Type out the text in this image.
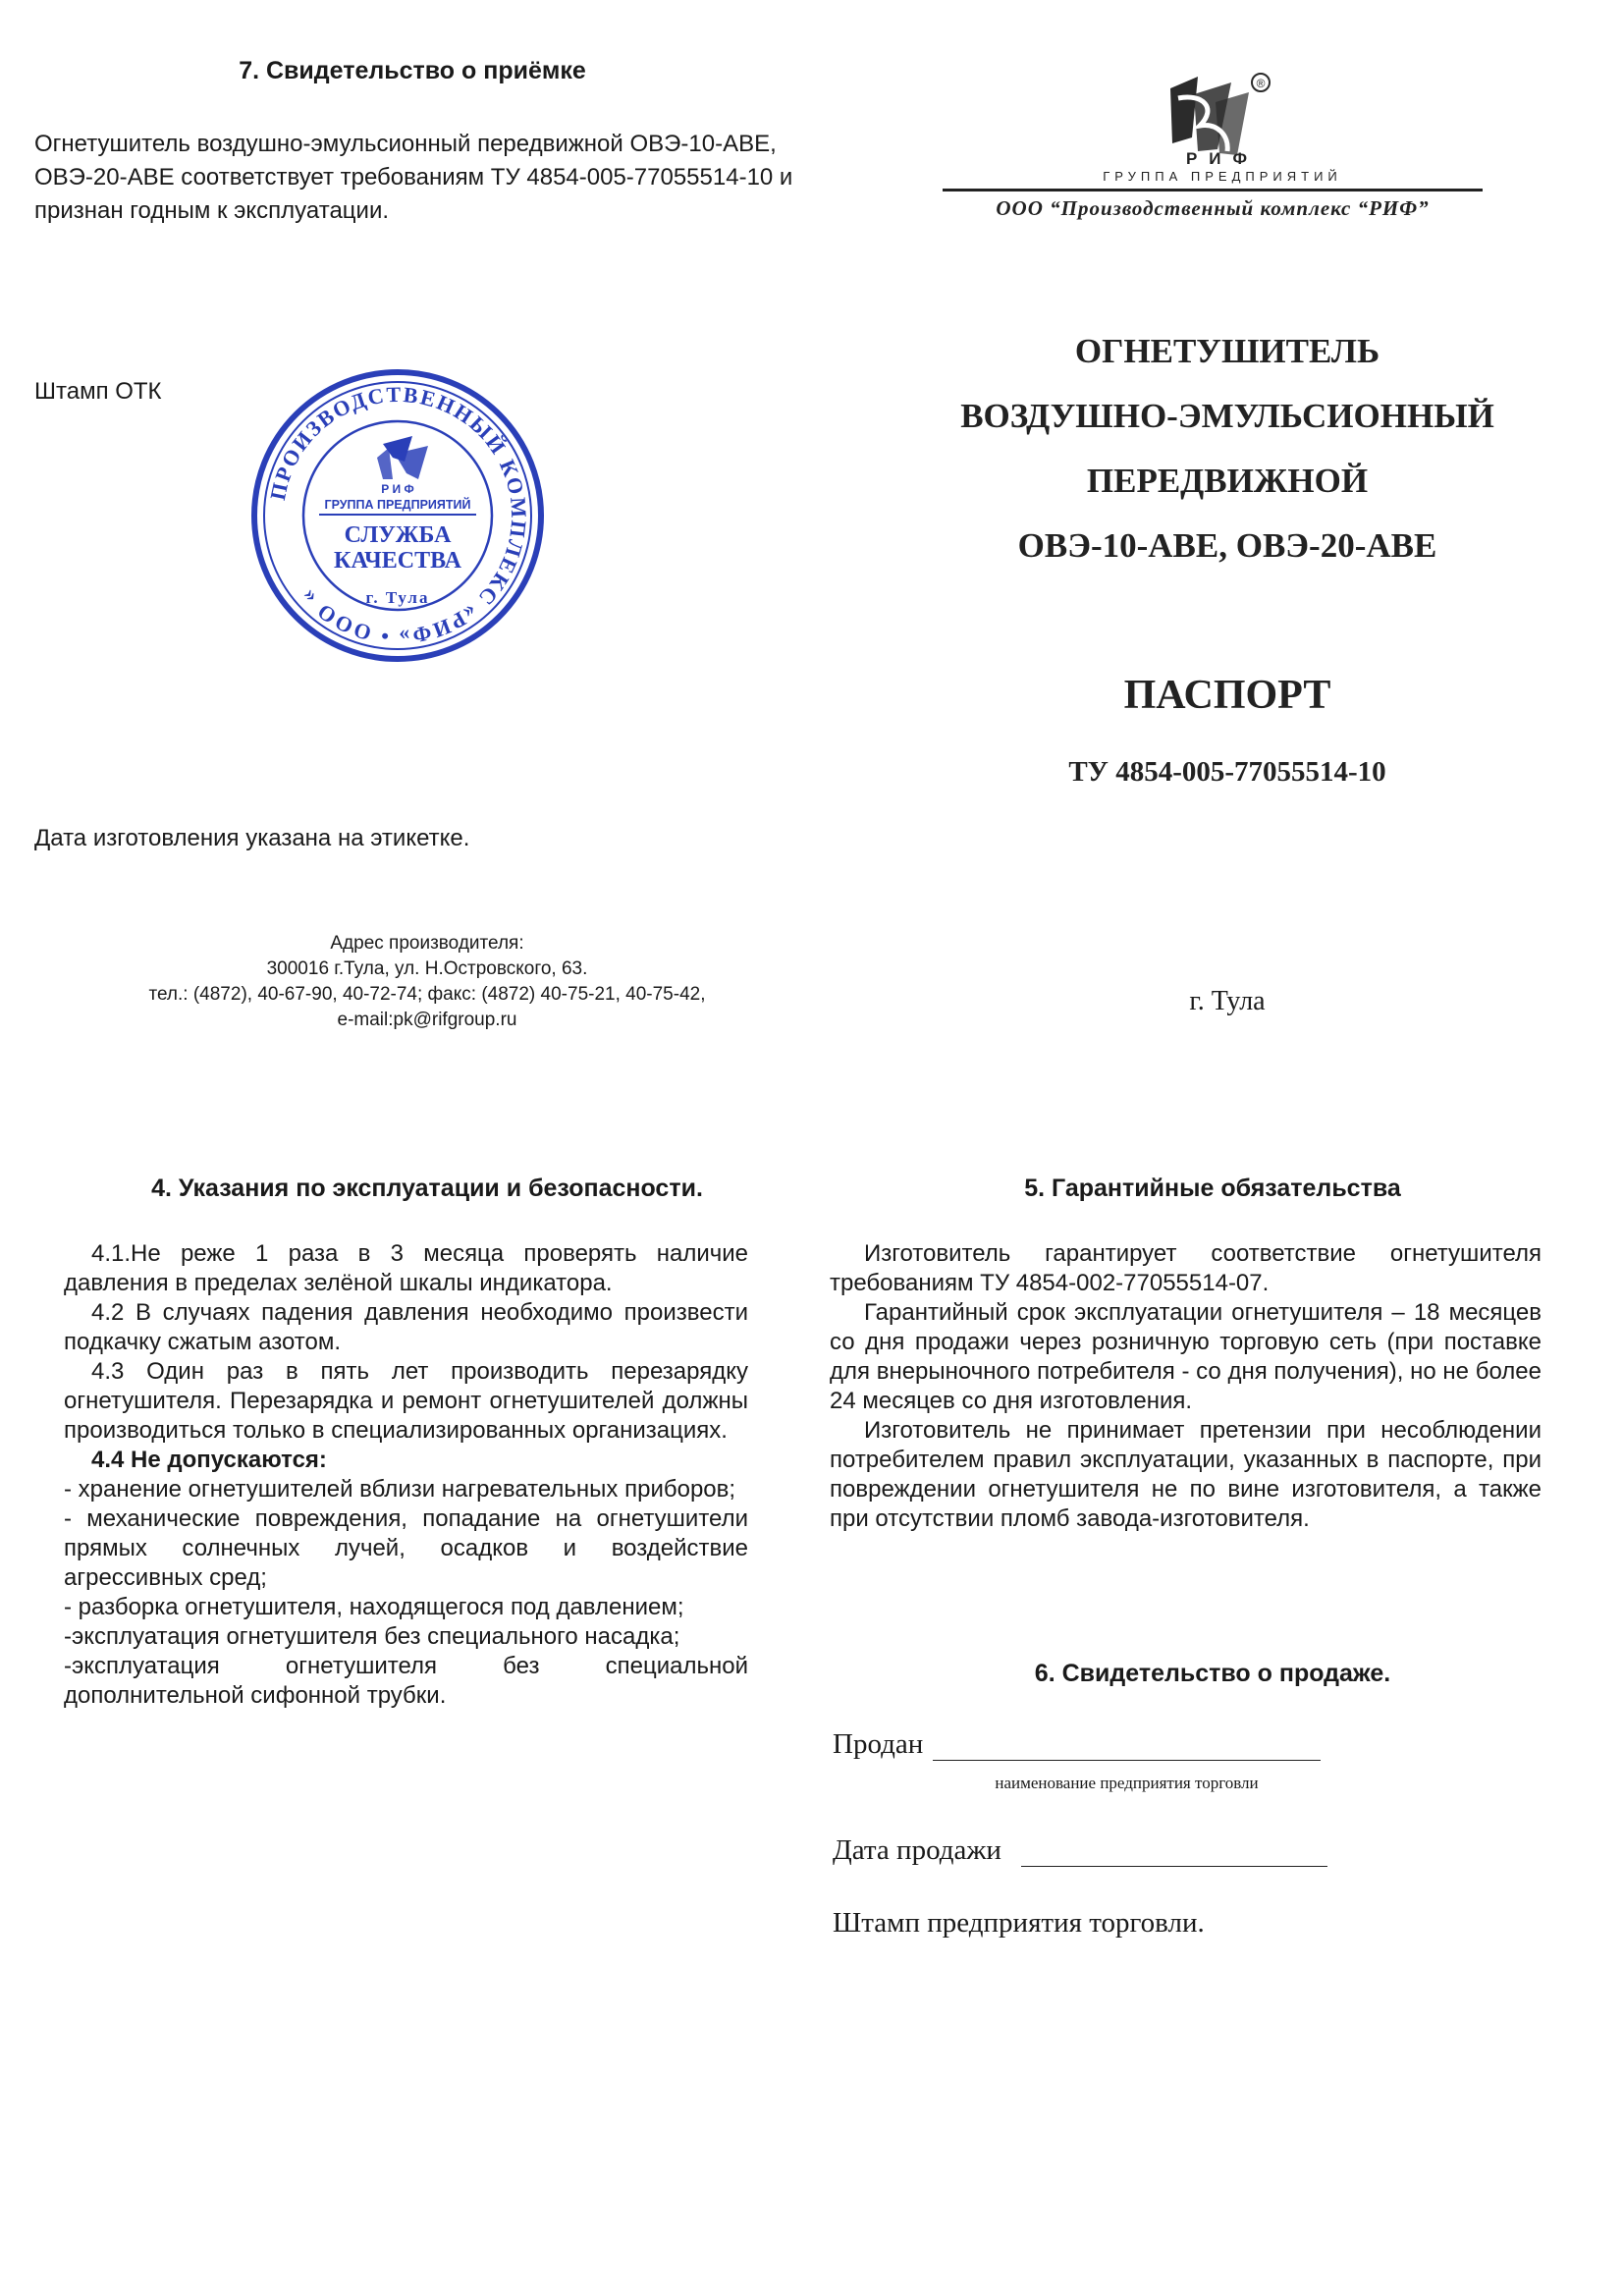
7. Свидетельство о приёмке
Огнетушитель воздушно-эмульсионный передвижной ОВЭ-10-АВЕ, ОВЭ-20-АВЕ соответствует требованиям ТУ 4854-005-77055514-10 и признан годным к эксплуатации.
Штамп ОТК
ПРОИЗВОДСТВЕННЫЙ КОМПЛЕКС «РИФ» • ООО «
Р И Ф
ГРУППА ПРЕДПРИЯТИЙ
СЛУЖБА
КАЧЕСТВА
г. Тула
Дата изготовления указана на этикетке.
Адрес производителя:
300016 г.Тула, ул. Н.Островского, 63.
тел.: (4872), 40-67-90, 40-72-74; факс: (4872) 40-75-21, 40-75-42,
e-mail:pk@rifgroup.ru
®
РИФ
ГРУППА ПРЕДПРИЯТИЙ
ООО “Производственный комплекс “РИФ”
ОГНЕТУШИТЕЛЬ
ВОЗДУШНО-ЭМУЛЬСИОННЫЙ
ПЕРЕДВИЖНОЙ
ОВЭ-10-АВЕ, ОВЭ-20-АВЕ
ПАСПОРТ
ТУ 4854-005-77055514-10
г. Тула
4. Указания по эксплуатации и безопасности.

4.1.Не реже 1 раза в 3 месяца проверять наличие давления в пределах зелёной шкалы индикатора.

4.2 В случаях падения давления необходимо произвести подкачку сжатым азотом.

4.3 Один раз в пять лет производить перезарядку огнетушителя. Перезарядка и ремонт огнетушителей должны производиться только в специализированных организациях.

4.4 Не допускаются:

- хранение огнетушителей вблизи нагревательных приборов;

- механические повреждения, попадание на огнетушители прямых солнечных лучей, осадков и воздействие агрессивных сред;

- разборка огнетушителя, находящегося под давлением;

-эксплуатация огнетушителя без специального насадка;

-эксплуатация огнетушителя без специальной дополнительной сифонной трубки.

5. Гарантийные обязательства

Изготовитель гарантирует соответствие огнетушителя требованиям ТУ 4854-002-77055514-07.

Гарантийный срок эксплуатации огнетушителя – 18 месяцев со дня продажи через розничную торговую сеть (при поставке для внерыночного потребителя - со дня получения), но не более 24 месяцев со дня изготовления.

Изготовитель не принимает претензии при несоблюдении потребителем правил эксплуатации, указанных в паспорте, при повреждении огнетушителя не по вине изготовителя, а также при отсутствии пломб завода-изготовителя.

6. Свидетельство о продаже.
Продан
наименование предприятия торговли
Дата продажи
Штамп предприятия торговли.
